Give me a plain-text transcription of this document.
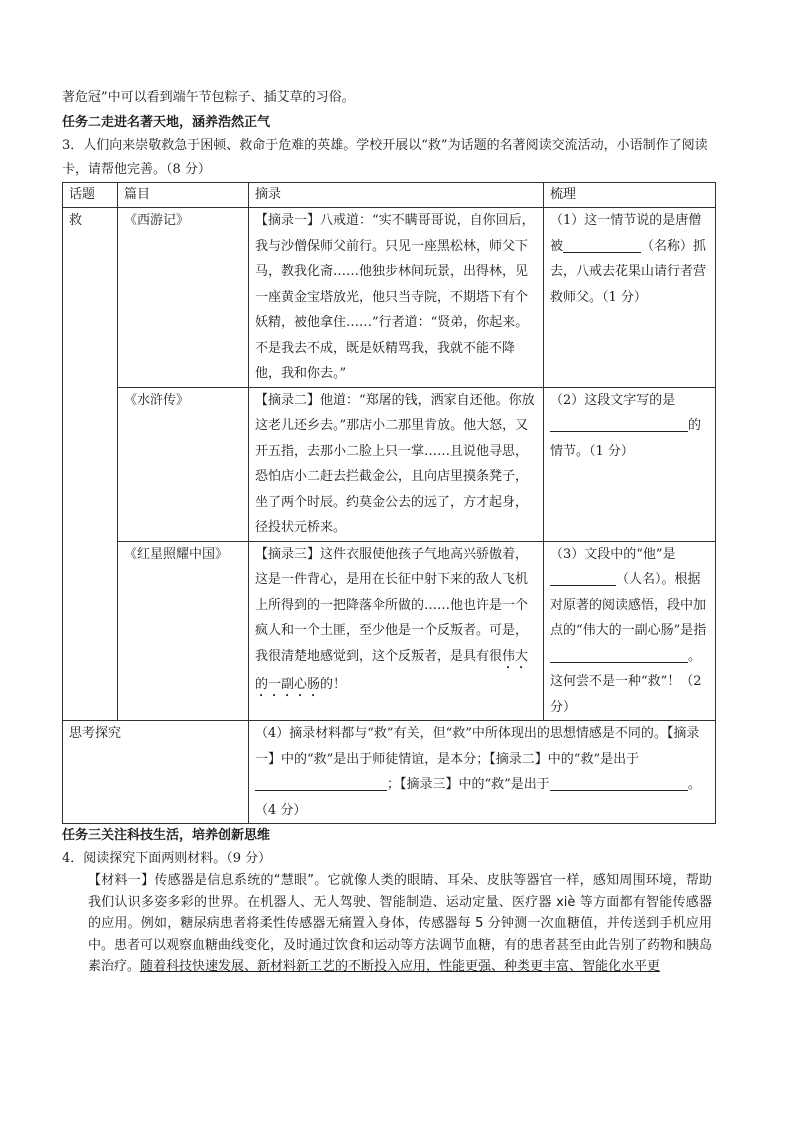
著危冠”中可以看到端午节包粽子、插艾草的习俗。
任务二走进名著天地，涵养浩然正气
3．人们向来崇敬救急于困顿、救命于危难的英雄。学校开展以“救”为话题的名著阅读交流活动，小语制作了阅读卡，请帮他完善。（8 分）
话题	篇目	摘录	梳理
救	《西游记》	【摘录一】八戒道：“实不瞒哥哥说，自你回后，我与沙僧保师父前行。只见一座黑松林，师父下马，教我化斋……他独步林间玩景，出得林，见一座黄金宝塔放光，他只当寺院，不期塔下有个妖精，被他拿住……”行者道：“贤弟，你起来。不是我去不成，既是妖精骂我，我就不能不降他，我和你去。”	（1）这一情节说的是唐僧被 （名称）抓去，八戒去花果山请行者营救师父。（1 分）
	《水浒传》	【摘录二】他道：“郑屠的钱，洒家自还他。你放这老儿还乡去。”那店小二那里肯放。他大怒，又开五指，去那小二脸上只一掌……且说他寻思，恐怕店小二赶去拦截金公，且向店里摸条凳子，坐了两个时辰。约莫金公去的远了，方才起身，径投状元桥来。	（2）这段文字写的是的情节。（1 分）
	《红星照耀中国》	【摘录三】这件衣服使他孩子气地高兴骄傲着，这是一件背心，是用在长征中射下来的敌人飞机上所得到的一把降落伞所做的……他也许是一个疯人和一个土匪，至少他是一个反叛者。可是，我很清楚地感觉到，这个反叛者，是具有很伟大的一副心肠的！	（3）文段中的“他”是（人名）。根据对原著的阅读感悟，段中加点的“伟大的一副心肠”是指。这何尝不是一种“救”！（2 分）
思考探究		（4）摘录材料都与“救”有关，但“救”中所体现出的思想情感是不同的。【摘录一】中的“救”是出于师徒情谊，是本分；【摘录二】中的“救”是出于；【摘录三】中的“救”是出于 。（4 分）	
任务三关注科技生活，培养创新思维
4．阅读探究下面两则材料。（9 分）
【材料一】传感器是信息系统的“慧眼”。它就像人类的眼睛、耳朵、皮肤等器官一样，感知周围环境，帮助我们认识多姿多彩的世界。在机器人、无人驾驶、智能制造、运动定量、医疗器 xiè 等方面都有智能传感器的应用。例如，糖尿病患者将柔性传感器无痛置入身体，传感器每 5 分钟测一次血糖值，并传送到手机应用中。患者可以观察血糖曲线变化，及时通过饮食和运动等方法调节血糖，有的患者甚至由此告别了药物和胰岛素治疗。随着科技快速发展、新材料新工艺的不断投入应用，性能更强、种类更丰富、智能化水平更
